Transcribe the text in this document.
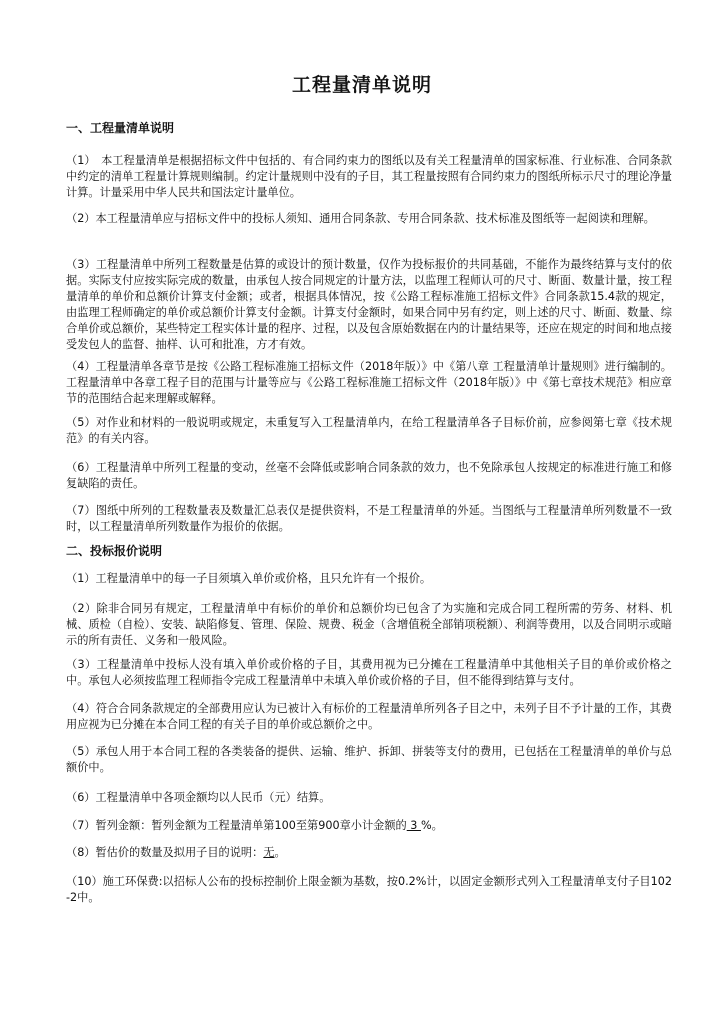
工程量清单说明
一、工程量清单说明
（1）　本工程量清单是根据招标文件中包括的、有合同约束力的图纸以及有关工程量清单的国家标准、行业标准、合同条款中约定的清单工程量计算规则编制。约定计量规则中没有的子目，其工程量按照有合同约束力的图纸所标示尺寸的理论净量计算。计量采用中华人民共和国法定计量单位。
（2）本工程量清单应与招标文件中的投标人须知、通用合同条款、专用合同条款、技术标准及图纸等一起阅读和理解。
（3）工程量清单中所列工程数量是估算的或设计的预计数量，仅作为投标报价的共同基础，不能作为最终结算与支付的依据。实际支付应按实际完成的数量，由承包人按合同规定的计量方法，以监理工程师认可的尺寸、断面、数量计量，按工程量清单的单价和总额价计算支付金额；或者，根据具体情况，按《公路工程标准施工招标文件》合同条款15.4款的规定，由监理工程师确定的单价或总额价计算支付金额。计算支付金额时，如果合同中另有约定，则上述的尺寸、断面、数量、综合单价或总额价，某些特定工程实体计量的程序、过程，以及包含原始数据在内的计量结果等，还应在规定的时间和地点接受发包人的监督、抽样、认可和批准，方才有效。
（4）工程量清单各章节是按《公路工程标准施工招标文件（2018年版）》中《第八章 工程量清单计量规则》进行编制的。工程量清单中各章工程子目的范围与计量等应与《公路工程标准施工招标文件（2018年版）》中《第七章技术规范》相应章节的范围结合起来理解或解释。
（5）对作业和材料的一般说明或规定，未重复写入工程量清单内，在给工程量清单各子目标价前，应参阅第七章《技术规范》的有关内容。
（6）工程量清单中所列工程量的变动，丝毫不会降低或影响合同条款的效力，也不免除承包人按规定的标准进行施工和修复缺陷的责任。
（7）图纸中所列的工程数量表及数量汇总表仅是提供资料，不是工程量清单的外延。当图纸与工程量清单所列数量不一致时，以工程量清单所列数量作为报价的依据。
二、投标报价说明
（1）工程量清单中的每一子目须填入单价或价格，且只允许有一个报价。
（2）除非合同另有规定，工程量清单中有标价的单价和总额价均已包含了为实施和完成合同工程所需的劳务、材料、机械、质检（自检）、安装、缺陷修复、管理、保险、规费、税金（含增值税全部销项税额）、利润等费用，以及合同明示或暗示的所有责任、义务和一般风险。
（3）工程量清单中投标人没有填入单价或价格的子目，其费用视为已分摊在工程量清单中其他相关子目的单价或价格之中。承包人必须按监理工程师指令完成工程量清单中未填入单价或价格的子目，但不能得到结算与支付。
（4）符合合同条款规定的全部费用应认为已被计入有标价的工程量清单所列各子目之中，未列子目不予计量的工作，其费用应视为已分摊在本合同工程的有关子目的单价或总额价之中。
（5）承包人用于本合同工程的各类装备的提供、运输、维护、拆卸、拼装等支付的费用，已包括在工程量清单的单价与总额价中。
（6）工程量清单中各项金额均以人民币（元）结算。
（7）暂列金额：暂列金额为工程量清单第100至第900章小计金额的 3 %。
（8）暂估价的数量及拟用子目的说明：无。
（10）施工环保费:以招标人公布的投标控制价上限金额为基数，按0.2%计，以固定金额形式列入工程量清单支付子目102-2中。
